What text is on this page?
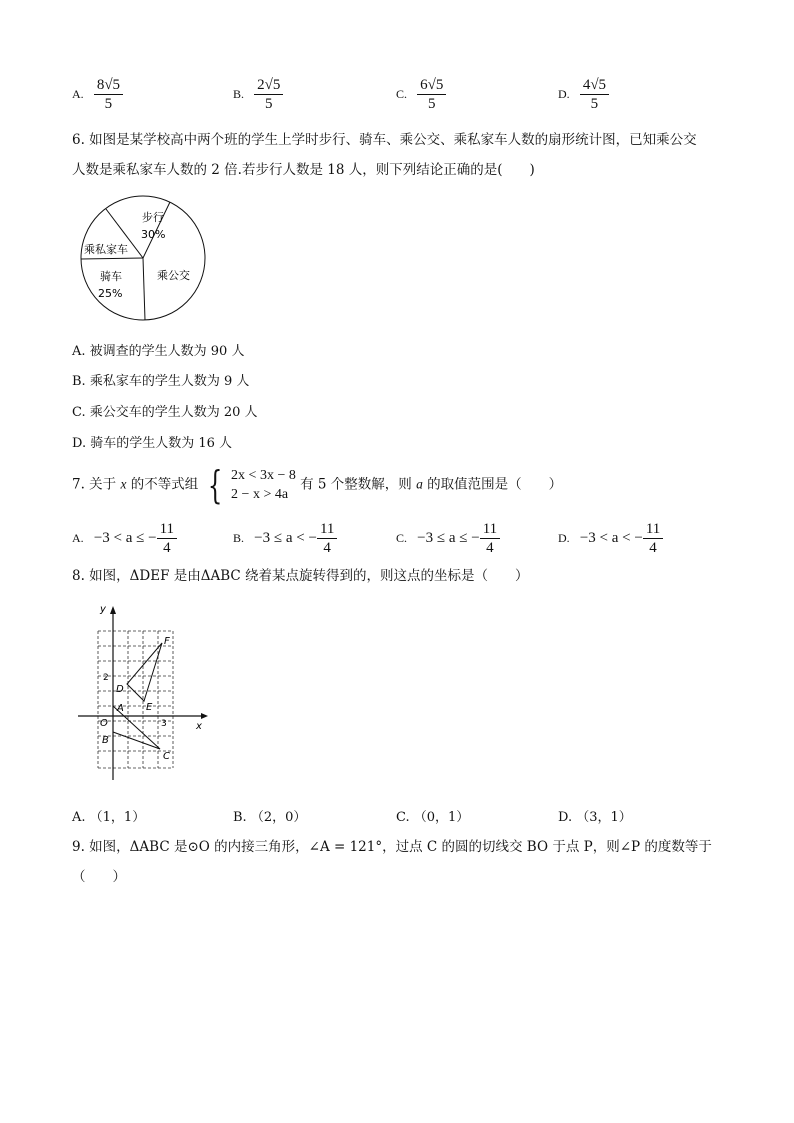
A. $\frac{8√5}{5}$	B. $\frac{2√5}{5}$	C. $\frac{6√5}{5}$	D. $\frac{4√5}{5}$
6. 如图是某学校高中两个班的学生上学时步行、骑车、乘公交、乘私家车人数的扇形统计图，已知乘公交
人数是乘私家车人数的 2 倍.若步行人数是 18 人，则下列结论正确的是(　　)
步行
30%
乘私家车
乘公交
骑车
25%
A. 被调查的学生人数为 90 人
B. 乘私家车的学生人数为 9 人
C. 乘公交车的学生人数为 20 人
D. 骑车的学生人数为 16 人
7. 关于 x 的不等式组 { 2x < 3x − 8
2 − x > 4a
有 5 个整数解，则 a 的取值范围是（　　）
A. −3 < a ≤ − $\frac{11}{4}$	B. −3 ≤ a < − $\frac{11}{4}$	C. −3 ≤ a ≤ − $\frac{11}{4}$	D. −3 < a < − $\frac{11}{4}$
8. 如图，ΔDEF 是由ΔABC 绕着某点旋转得到的，则这点的坐标是（　　）
y
x
2
3
O
A
B
C
D
E
F
A. （1，1）	B. （2，0）	C. （0，1）	D. （3，1）
9. 如图，ΔABC 是⊙O 的内接三角形，∠A = 121°，过点 C 的圆的切线交 BO 于点 P，则∠P 的度数等于
（　　）
